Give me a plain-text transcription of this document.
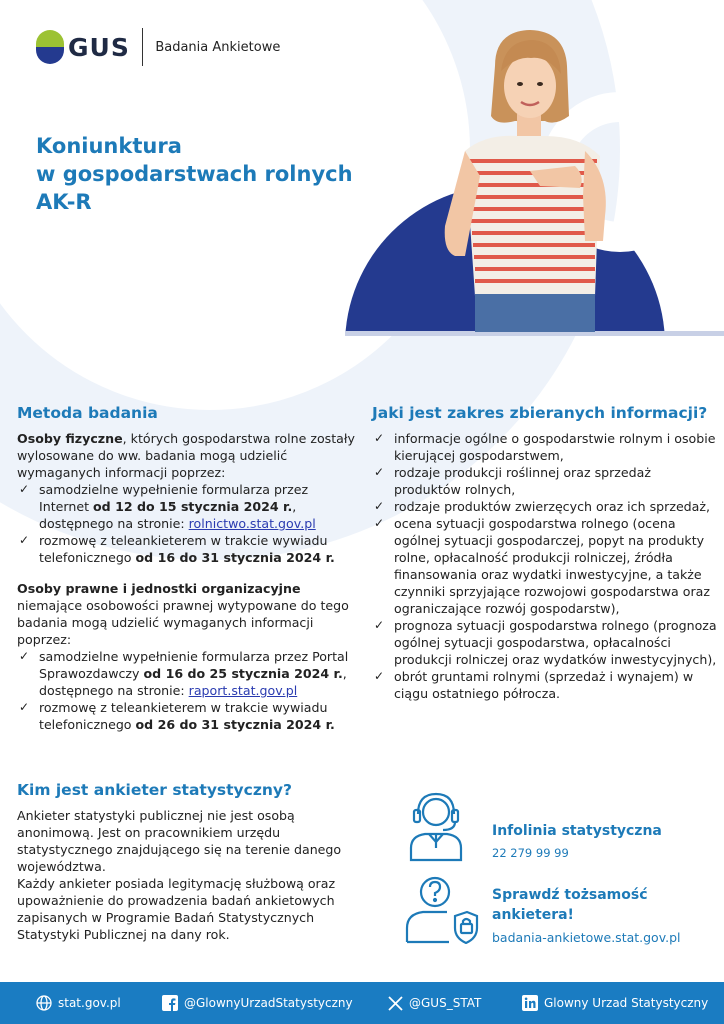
GUS Badania Ankietowe
Koniunktura
w gospodarstwach rolnych
AK-R
Metoda badania

Osoby fizyczne, których gospodarstwa rolne zostały wylosowane do ww. badania mogą udzielić wymaganych informacji poprzez:

✓ samodzielne wypełnienie formularza przez Internet od 12 do 15 stycznia 2024 r., dostępnego na stronie: rolnictwo.stat.gov.pl
✓ rozmowę z teleankieterem w trakcie wywiadu telefonicznego od 16 do 31 stycznia 2024 r.

Osoby prawne i jednostki organizacyjne
niemające osobowości prawnej wytypowane do tego badania mogą udzielić wymaganych informacji poprzez:

✓ samodzielne wypełnienie formularza przez Portal Sprawozdawczy od 16 do 25 stycznia 2024 r., dostępnego na stronie: raport.stat.gov.pl
✓ rozmowę z teleankieterem w trakcie wywiadu telefonicznego od 26 do 31 stycznia 2024 r.
Jaki jest zakres zbieranych informacji?
✓ informacje ogólne o gospodarstwie rolnym i osobie kierującej gospodarstwem,
✓ rodzaje produkcji roślinnej oraz sprzedaż produktów rolnych,
✓ rodzaje produktów zwierzęcych oraz ich sprzedaż,
✓ ocena sytuacji gospodarstwa rolnego (ocena ogólnej sytuacji gospodarczej, popyt na produkty rolne, opłacalność produkcji rolniczej, źródła finansowania oraz wydatki inwestycyjne, a także czynniki sprzyjające rozwojowi gospodarstwa oraz ograniczające rozwój gospodarstw),
✓ prognoza sytuacji gospodarstwa rolnego (prognoza ogólnej sytuacji gospodarstwa, opłacalności produkcji rolniczej oraz wydatków inwestycyjnych),
✓ obrót gruntami rolnymi (sprzedaż i wynajem) w ciągu ostatniego półrocza.
Kim jest ankieter statystyczny?

Ankieter statystyki publicznej nie jest osobą anonimową. Jest on pracownikiem urzędu statystycznego znajdującego się na terenie danego województwa.

Każdy ankieter posiada legitymację służbową oraz upoważnienie do prowadzenia badań ankietowych zapisanych w Programie Badań Statystycznych Statystyki Publicznej na dany rok.

Infolinia statystyczna
22 279 99 99
Sprawdź tożsamość
ankietera!
badania-ankietowe.stat.gov.pl
stat.gov.pl	@GlownyUrzadStatystyczny	@GUS_STAT	Glowny Urzad Statystyczny
